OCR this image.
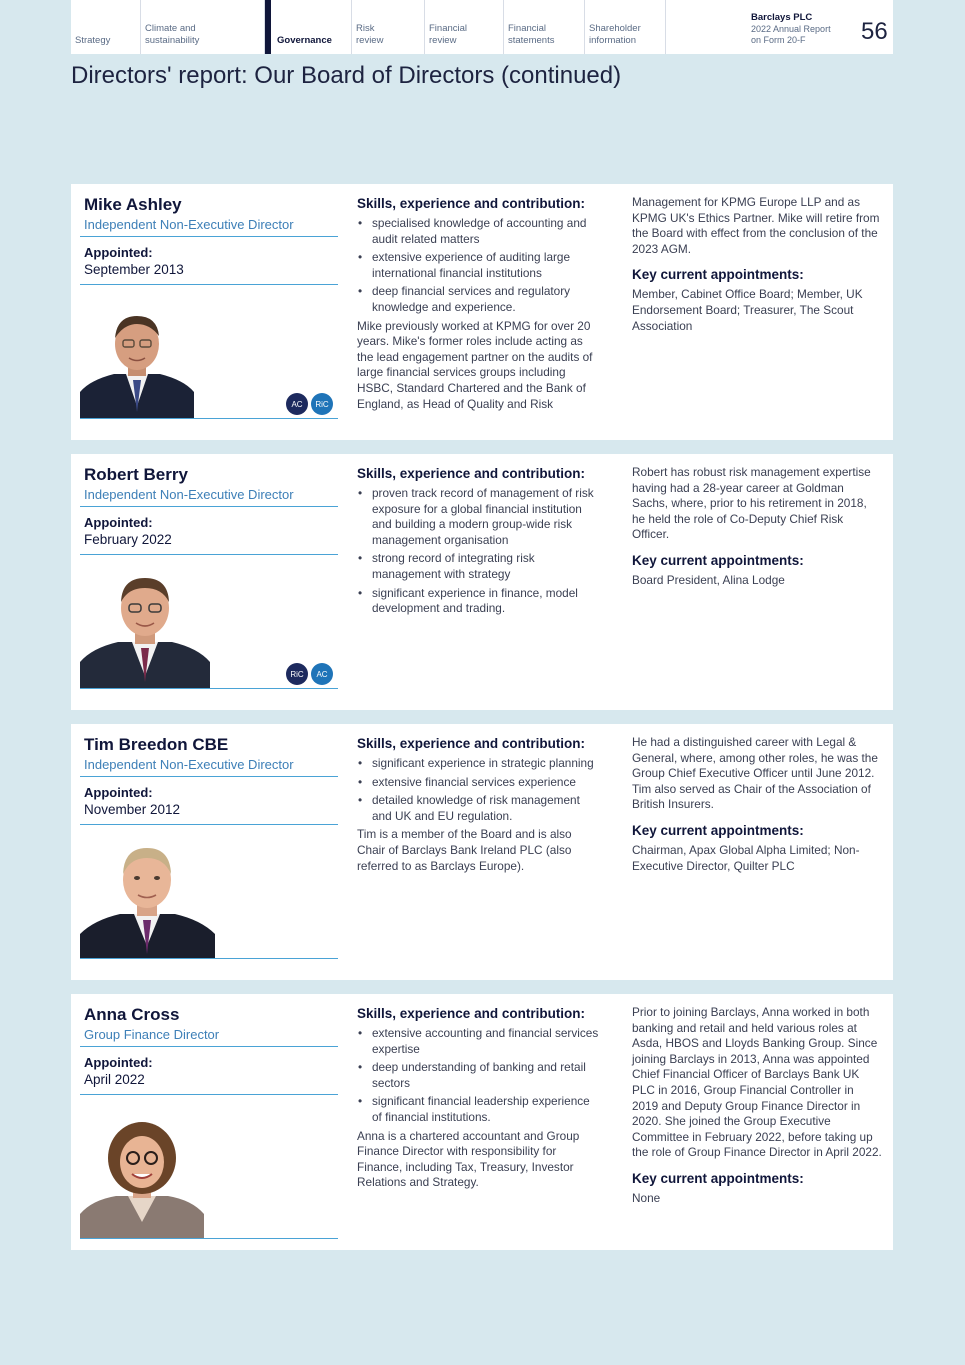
Strategy
Climate and
sustainability	Governance
Risk
review
Financial
review
Financial
statements
Shareholder
information
Barclays PLC
2022 Annual Report
on Form 20-F	56
Directors' report: Our Board of Directors (continued)
Mike Ashley
Independent Non-Executive Director
Appointed:
September 2013
AC	RiC
Skills, experience and contribution:
• specialised knowledge of accounting and audit related matters
• extensive experience of auditing large international financial institutions
• deep financial services and regulatory knowledge and experience.

Mike previously worked at KPMG for over 20 years. Mike's former roles include acting as the lead engagement partner on the audits of large financial services groups including HSBC, Standard Chartered and the Bank of England, as Head of Quality and Risk

Management for KPMG Europe LLP and as KPMG UK's Ethics Partner. Mike will retire from the Board with effect from the conclusion of the 2023 AGM.

Key current appointments:

Member, Cabinet Office Board; Member, UK Endorsement Board; Treasurer, The Scout Association

Robert Berry
Independent Non-Executive Director
Appointed:
February 2022
RiC	AC
Skills, experience and contribution:
• proven track record of management of risk exposure for a global financial institution and building a modern group-wide risk management organisation
• strong record of integrating risk management with strategy
• significant experience in finance, model development and trading.

Robert has robust risk management expertise having had a 28-year career at Goldman Sachs, where, prior to his retirement in 2018, he held the role of Co-Deputy Chief Risk Officer.

Key current appointments:

Board President, Alina Lodge

Tim Breedon CBE
Independent Non-Executive Director
Appointed:
November 2012
Skills, experience and contribution:
• significant experience in strategic planning
• extensive financial services experience
• detailed knowledge of risk management and UK and EU regulation.

Tim is a member of the Board and is also Chair of Barclays Bank Ireland PLC (also referred to as Barclays Europe).

He had a distinguished career with Legal & General, where, among other roles, he was the Group Chief Executive Officer until June 2012. Tim also served as Chair of the Association of British Insurers.

Key current appointments:

Chairman, Apax Global Alpha Limited; Non-Executive Director, Quilter PLC

Anna Cross
Group Finance Director
Appointed:
April 2022
Skills, experience and contribution:
• extensive accounting and financial services expertise
• deep understanding of banking and retail sectors
• significant financial leadership experience of financial institutions.

Anna is a chartered accountant and Group Finance Director with responsibility for Finance, including Tax, Treasury, Investor Relations and Strategy.

Prior to joining Barclays, Anna worked in both banking and retail and held various roles at Asda, HBOS and Lloyds Banking Group. Since joining Barclays in 2013, Anna was appointed Chief Financial Officer of Barclays Bank UK PLC in 2016, Group Financial Controller in 2019 and Deputy Group Finance Director in 2020. She joined the Group Executive Committee in February 2022, before taking up the role of Group Finance Director in April 2022.

Key current appointments:

None
